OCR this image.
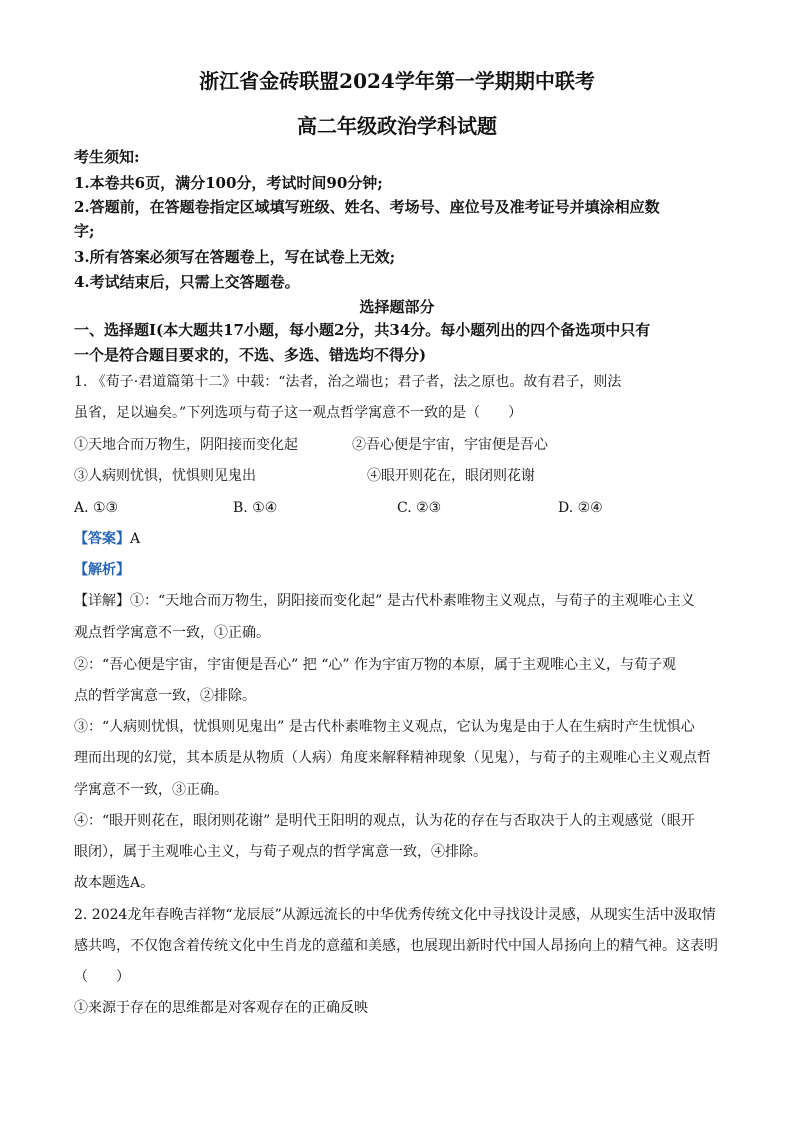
浙江省金砖联盟2024学年第一学期期中联考
高二年级政治学科试题
考生须知:
1.本卷共6页，满分100分，考试时间90分钟;
2.答题前，在答题卷指定区域填写班级、姓名、考场号、座位号及准考证号并填涂相应数
字;
3.所有答案必须写在答题卷上，写在试卷上无效;
4.考试结束后，只需上交答题卷。
选择题部分
一、选择题Ⅰ(本大题共17小题，每小题2分，共34分。每小题列出的四个备选项中只有
一个是符合题目要求的，不选、多选、错选均不得分)
1. 《荀子·君道篇第十二》中载：“法者，治之端也；君子者，法之原也。故有君子，则法
虽省，足以遍矣。”下列选项与荀子这一观点哲学寓意不一致的是（　　）
①天地合而万物生，阴阳接而变化起	②吾心便是宇宙，宇宙便是吾心
③人病则忧惧，忧惧则见鬼出	④眼开则花在，眼闭则花谢
A. ①③	B. ①④	C. ②③	D. ②④
【答案】A
【解析】
【详解】①：“天地合而万物生，阴阳接而变化起” 是古代朴素唯物主义观点，与荀子的主观唯心主义
观点哲学寓意不一致，①正确。
②：“吾心便是宇宙，宇宙便是吾心” 把 “心” 作为宇宙万物的本原，属于主观唯心主义，与荀子观
点的哲学寓意一致，②排除。
③：“人病则忧惧，忧惧则见鬼出” 是古代朴素唯物主义观点，它认为鬼是由于人在生病时产生忧惧心
理而出现的幻觉，其本质是从物质（人病）角度来解释精神现象（见鬼），与荀子的主观唯心主义观点哲
学寓意不一致，③正确。
④：“眼开则花在，眼闭则花谢” 是明代王阳明的观点，认为花的存在与否取决于人的主观感觉（眼开
眼闭），属于主观唯心主义，与荀子观点的哲学寓意一致，④排除。
故本题选A。
2. 2024龙年春晚吉祥物“龙辰辰”从源远流长的中华优秀传统文化中寻找设计灵感，从现实生活中汲取情
感共鸣，不仅饱含着传统文化中生肖龙的意蕴和美感，也展现出新时代中国人昂扬向上的精气神。这表明
（　　）
①来源于存在的思维都是对客观存在的正确反映
